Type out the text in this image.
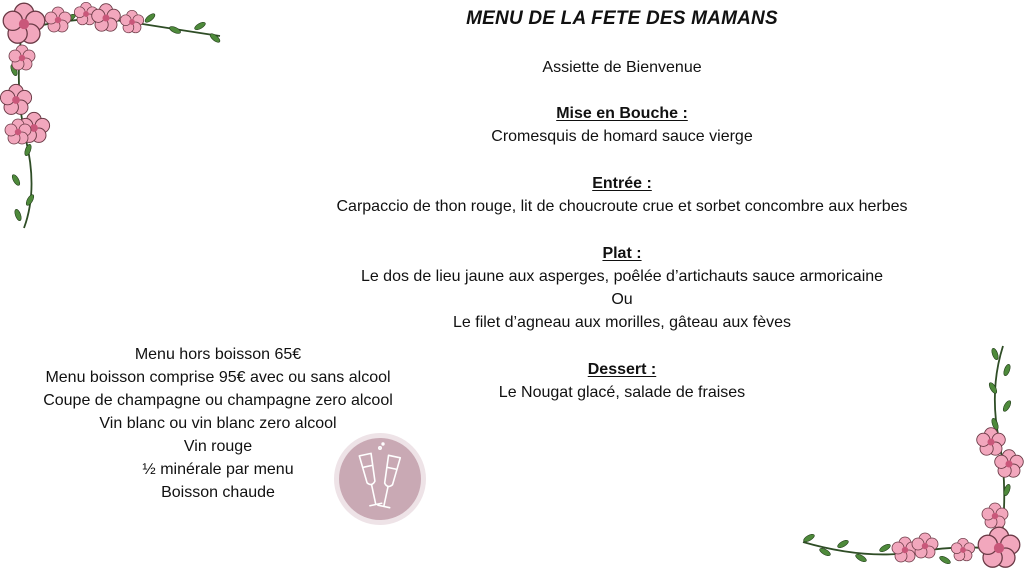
MENU DE LA FETE DES MAMANS
Assiette de Bienvenue
Mise en Bouche :
Cromesquis de homard sauce vierge
Entrée :
Carpaccio de thon rouge, lit de choucroute crue et sorbet concombre aux herbes
Plat :
Le dos de lieu jaune aux asperges, poêlée d’artichauts sauce armoricaine
Ou
Le filet d’agneau aux morilles, gâteau aux fèves
Dessert :
Le Nougat glacé, salade de fraises
Menu hors boisson 65€
Menu boisson comprise 95€ avec ou sans alcool
Coupe de champagne ou champagne zero alcool
Vin blanc ou vin blanc zero alcool
Vin rouge
½ minérale par menu
Boisson chaude
